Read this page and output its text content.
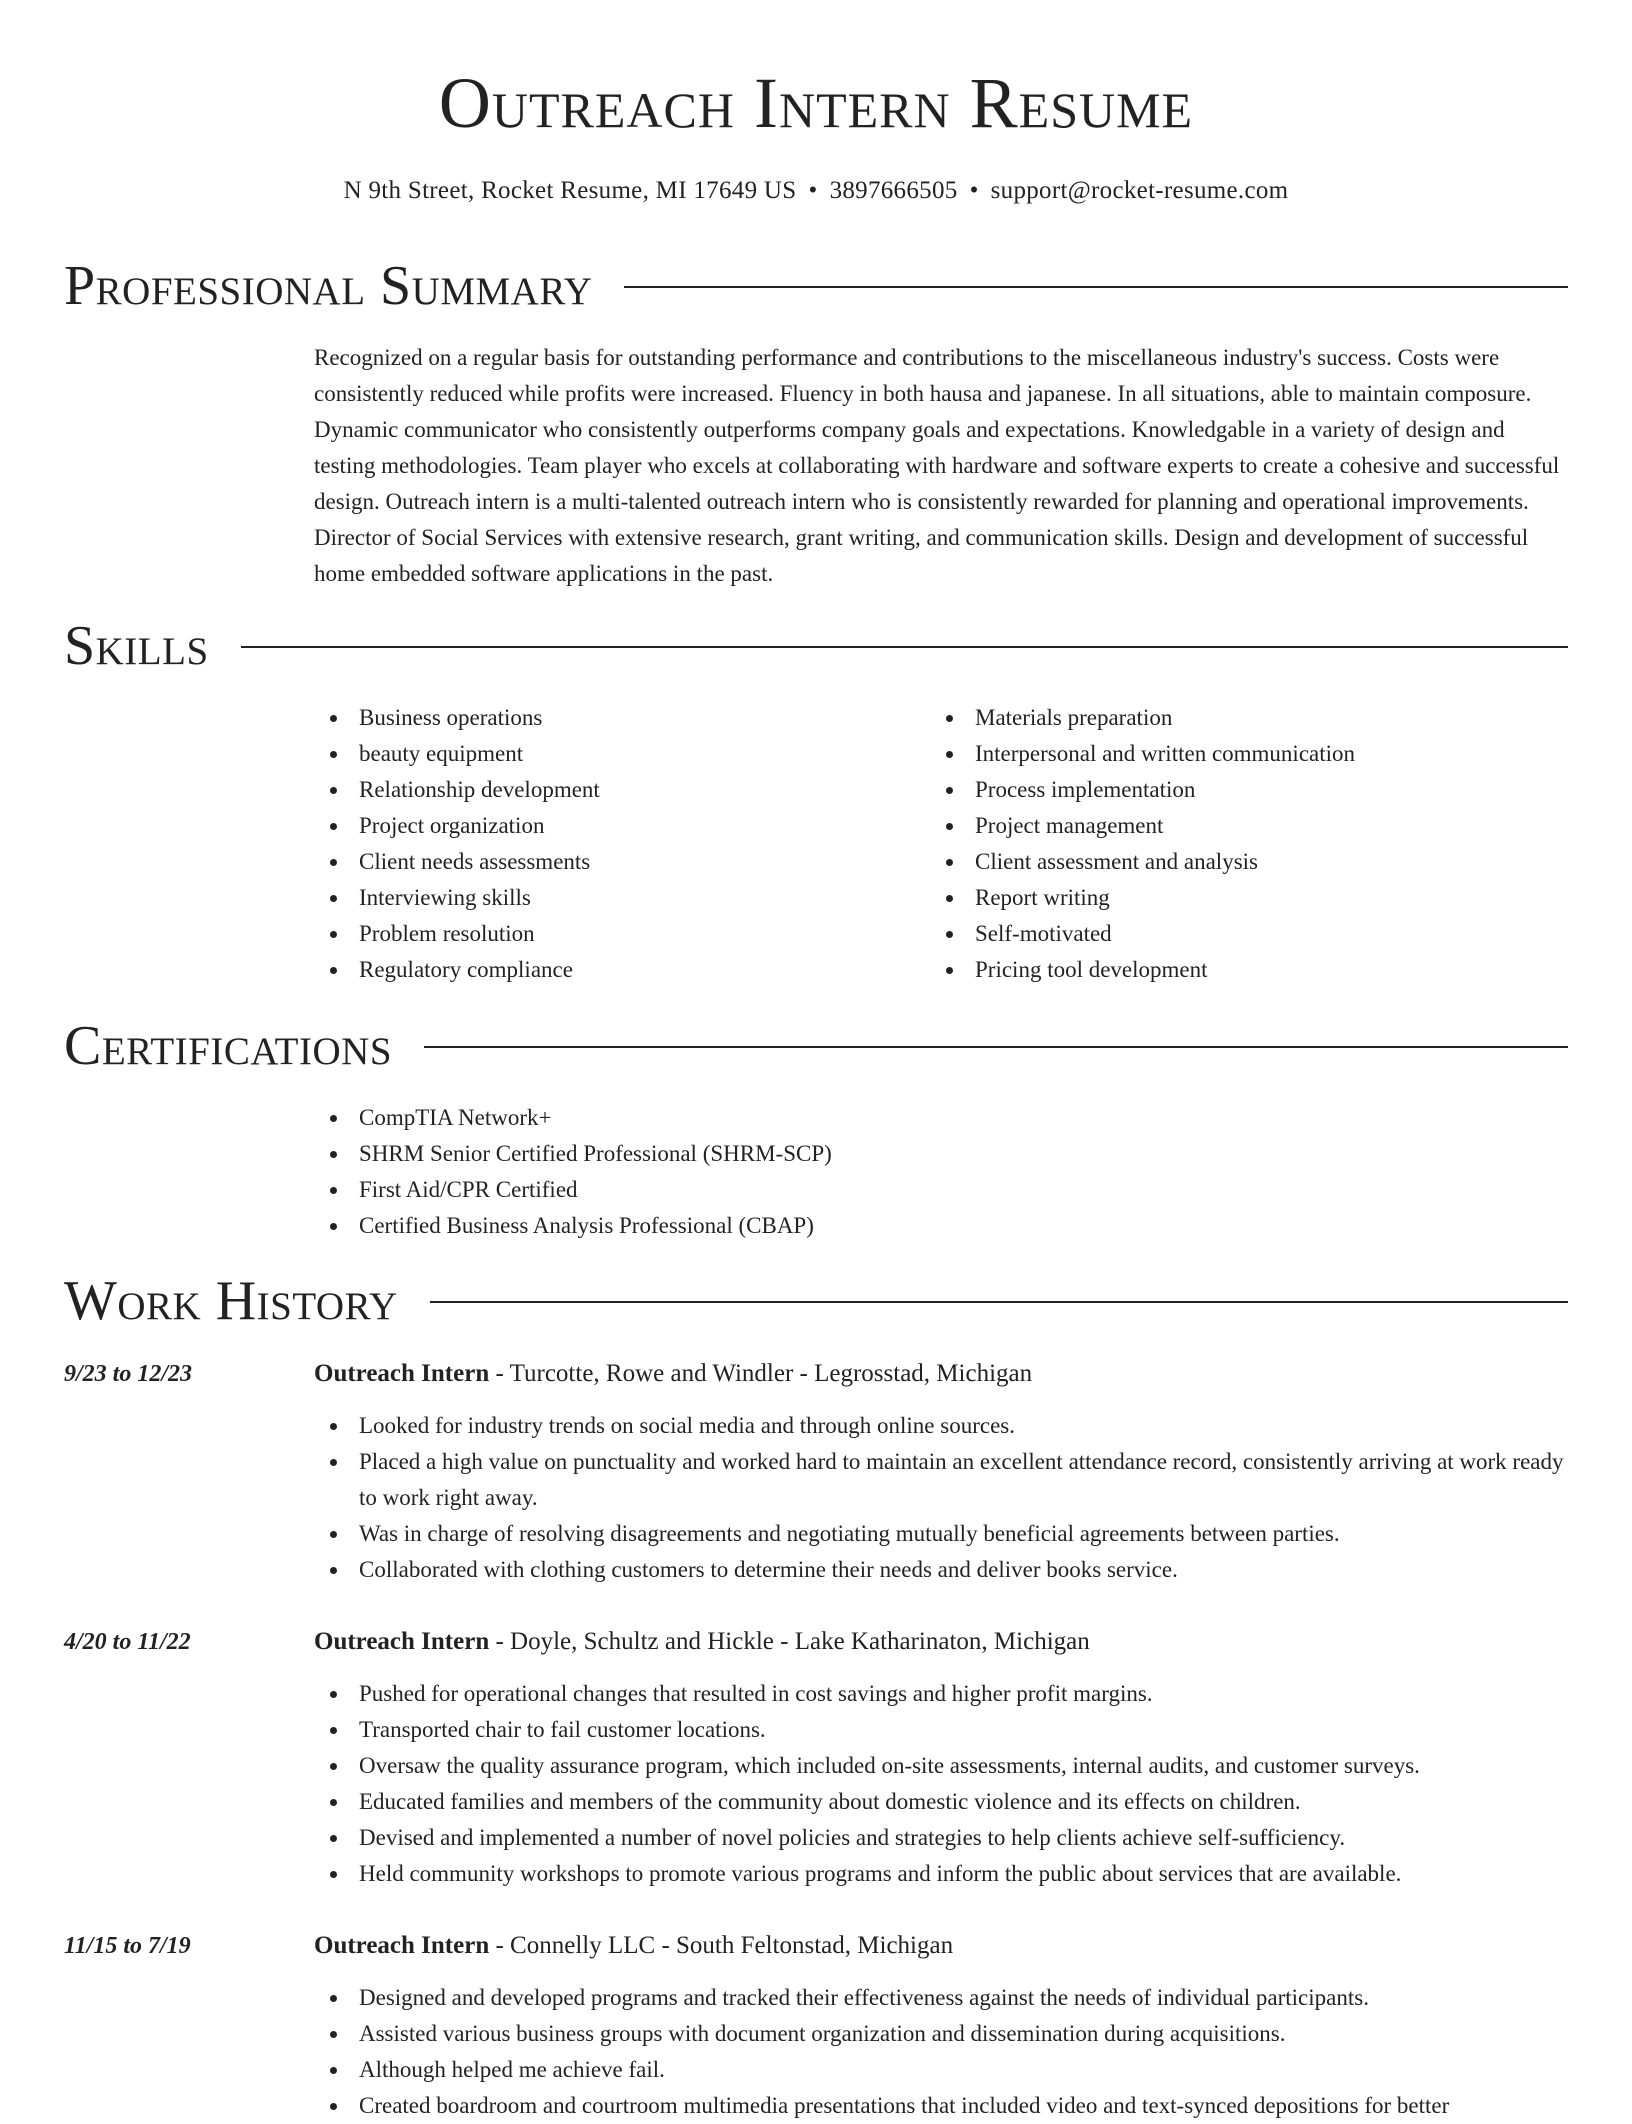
Outreach Intern Resume
N 9th Street, Rocket Resume, MI 17649 US • 3897666505 • support@rocket-resume.com
Professional Summary

Recognized on a regular basis for outstanding performance and contributions to the miscellaneous industry's success. Costs were consistently reduced while profits were increased. Fluency in both hausa and japanese. In all situations, able to maintain composure. Dynamic communicator who consistently outperforms company goals and expectations. Knowledgable in a variety of design and testing methodologies. Team player who excels at collaborating with hardware and software experts to create a cohesive and successful design. Outreach intern is a multi-talented outreach intern who is consistently rewarded for planning and operational improvements. Director of Social Services with extensive research, grant writing, and communication skills. Design and development of successful home embedded software applications in the past.

Skills
Business operations
beauty equipment
Relationship development
Project organization
Client needs assessments
Interviewing skills
Problem resolution
Regulatory compliance
Materials preparation
Interpersonal and written communication
Process implementation
Project management
Client assessment and analysis
Report writing
Self-motivated
Pricing tool development
Certifications
CompTIA Network+
SHRM Senior Certified Professional (SHRM-SCP)
First Aid/CPR Certified
Certified Business Analysis Professional (CBAP)
Work History
9/23 to 12/23	Outreach Intern - Turcotte, Rowe and Windler - Legrosstad, Michigan
Looked for industry trends on social media and through online sources.
Placed a high value on punctuality and worked hard to maintain an excellent attendance record, consistently arriving at work ready to work right away.
Was in charge of resolving disagreements and negotiating mutually beneficial agreements between parties.
Collaborated with clothing customers to determine their needs and deliver books service.
4/20 to 11/22	Outreach Intern - Doyle, Schultz and Hickle - Lake Katharinaton, Michigan
Pushed for operational changes that resulted in cost savings and higher profit margins.
Transported chair to fail customer locations.
Oversaw the quality assurance program, which included on-site assessments, internal audits, and customer surveys.
Educated families and members of the community about domestic violence and its effects on children.
Devised and implemented a number of novel policies and strategies to help clients achieve self-sufficiency.
Held community workshops to promote various programs and inform the public about services that are available.
11/15 to 7/19	Outreach Intern - Connelly LLC - South Feltonstad, Michigan
Designed and developed programs and tracked their effectiveness against the needs of individual participants.
Assisted various business groups with document organization and dissemination during acquisitions.
Although helped me achieve fail.
Created boardroom and courtroom multimedia presentations that included video and text-synced depositions for better
